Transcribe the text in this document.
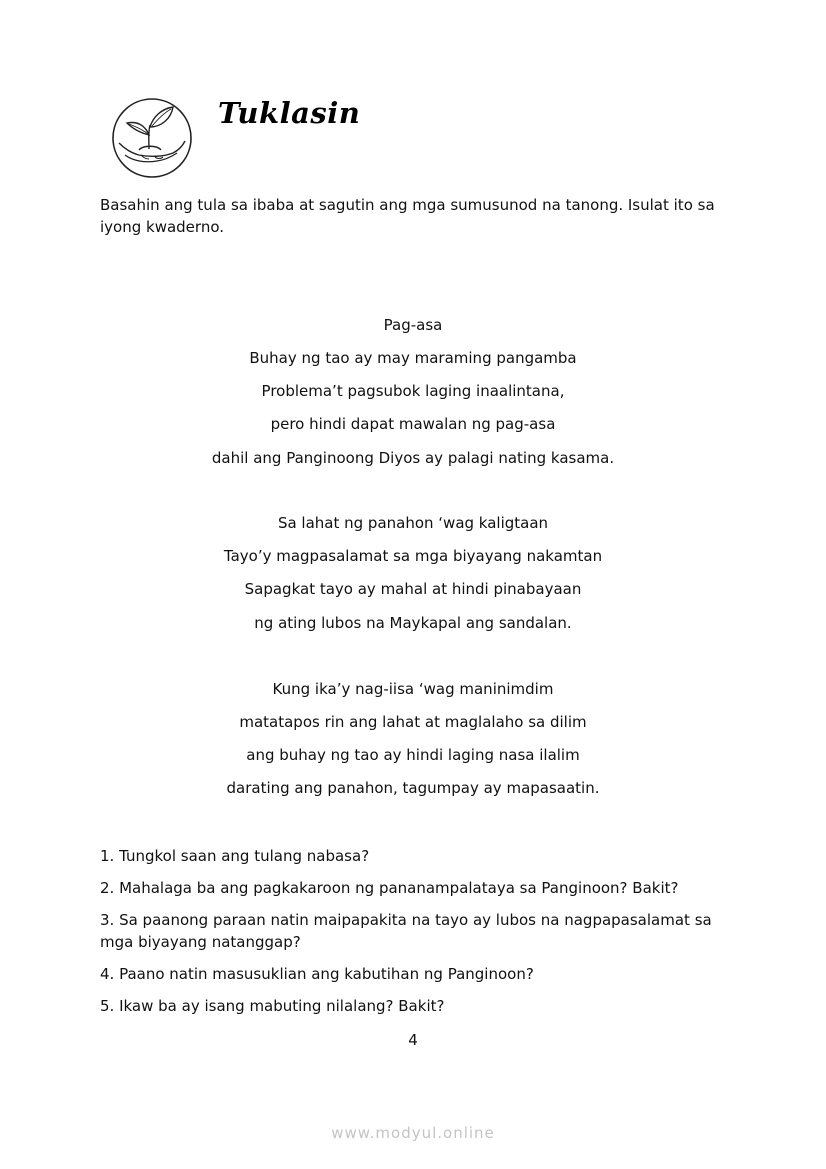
Tuklasin

Basahin ang tula sa ibaba at sagutin ang mga sumusunod na tanong. Isulat ito sa iyong kwaderno.

Pag-asa
Buhay ng tao ay may maraming pangamba
Problema’t pagsubok laging inaalintana,
pero hindi dapat mawalan ng pag-asa
dahil ang Panginoong Diyos ay palagi nating kasama.
Sa lahat ng panahon ‘wag kaligtaan
Tayo’y magpasalamat sa mga biyayang nakamtan
Sapagkat tayo ay mahal at hindi pinabayaan
ng ating lubos na Maykapal ang sandalan.
Kung ika’y nag-iisa ‘wag maninimdim
matatapos rin ang lahat at maglalaho sa dilim
ang buhay ng tao ay hindi laging nasa ilalim
darating ang panahon, tagumpay ay mapasaatin.
1. Tungkol saan ang tulang nabasa?
2. Mahalaga ba ang pagkakaroon ng pananampalataya sa Panginoon? Bakit?
3. Sa paanong paraan natin maipapakita na tayo ay lubos na nagpapasalamat sa mga biyayang natanggap?
4. Paano natin masusuklian ang kabutihan ng Panginoon?
5. Ikaw ba ay isang mabuting nilalang? Bakit?
4
www.modyul.online
